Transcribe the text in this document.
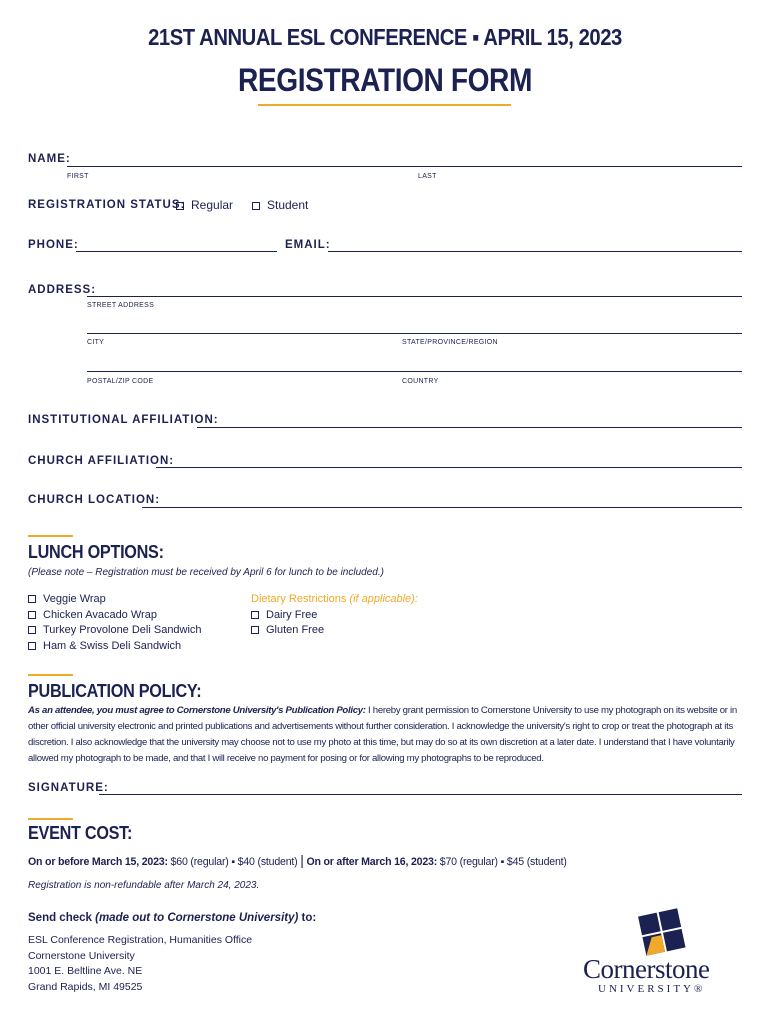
21ST ANNUAL ESL CONFERENCE ▪ APRIL 15, 2023
REGISTRATION FORM
NAME:
FIRST	LAST
REGISTRATION STATUS: Regular	Student
PHONE:	EMAIL:
ADDRESS:
STREET ADDRESS
CITY	STATE/PROVINCE/REGION
POSTAL/ZIP CODE	COUNTRY
INSTITUTIONAL AFFILIATION:
CHURCH AFFILIATION:
CHURCH LOCATION:
LUNCH OPTIONS:
(Please note – Registration must be received by April 6 for lunch to be included.)
Veggie Wrap
Chicken Avacado Wrap
Turkey Provolone Deli Sandwich
Ham & Swiss Deli Sandwich
Dietary Restrictions (if applicable):
Dairy Free
Gluten Free
PUBLICATION POLICY:
As an attendee, you must agree to Cornerstone University's Publication Policy: I hereby grant permission to Cornerstone University to use my photograph on its website or in other official university electronic and printed publications and advertisements without further consideration. I acknowledge the university's right to crop or treat the photograph at its discretion. I also acknowledge that the university may choose not to use my photo at this time, but may do so at its own discretion at a later date. I understand that I have voluntarily allowed my photograph to be made, and that I will receive no payment for posing or for allowing my photographs to be reproduced.
SIGNATURE:
EVENT COST:
On or before March 15, 2023: $60 (regular) ▪ $40 (student) | On or after March 16, 2023: $70 (regular) ▪ $45 (student)
Registration is non-refundable after March 24, 2023.
Send check (made out to Cornerstone University) to:
ESL Conference Registration, Humanities Office
Cornerstone University
1001 E. Beltline Ave. NE
Grand Rapids, MI 49525
Cornerstone
UNIVERSITY®
